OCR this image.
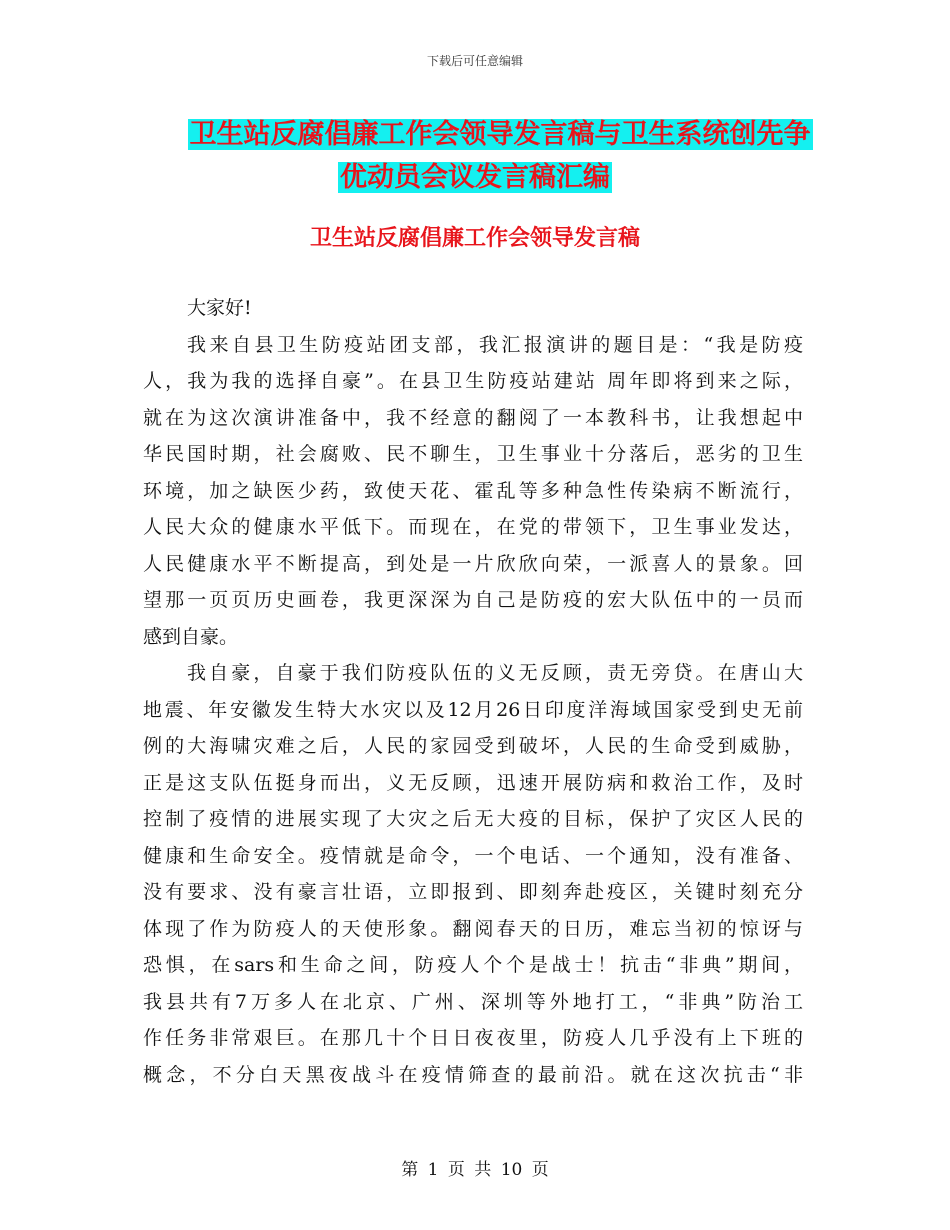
下载后可任意编辑
卫生站反腐倡廉工作会领导发言稿与卫生系统创先争
优动员会议发言稿汇编
卫生站反腐倡廉工作会领导发言稿
大家好!
我来自县卫生防疫站团支部，我汇报演讲的题目是：“我是防疫
人，我为我的选择自豪”。在县卫生防疫站建站 周年即将到来之际，
就在为这次演讲准备中，我不经意的翻阅了一本教科书，让我想起中
华民国时期，社会腐败、民不聊生，卫生事业十分落后，恶劣的卫生
环境，加之缺医少药，致使天花、霍乱等多种急性传染病不断流行，
人民大众的健康水平低下。而现在，在党的带领下，卫生事业发达，
人民健康水平不断提高，到处是一片欣欣向荣，一派喜人的景象。回
望那一页页历史画卷，我更深深为自己是防疫的宏大队伍中的一员而
感到自豪。
我自豪，自豪于我们防疫队伍的义无反顾，责无旁贷。在唐山大
地震、年安徽发生特大水灾以及12月26日印度洋海域国家受到史无前
例的大海啸灾难之后，人民的家园受到破坏，人民的生命受到威胁，
正是这支队伍挺身而出，义无反顾，迅速开展防病和救治工作，及时
控制了疫情的进展实现了大灾之后无大疫的目标，保护了灾区人民的
健康和生命安全。疫情就是命令，一个电话、一个通知，没有准备、
没有要求、没有豪言壮语，立即报到、即刻奔赴疫区，关键时刻充分
体现了作为防疫人的天使形象。翻阅春天的日历，难忘当初的惊讶与
恐惧，在sars和生命之间，防疫人个个是战士！抗击“非典”期间，
我县共有7万多人在北京、广州、深圳等外地打工，“非典”防治工
作任务非常艰巨。在那几十个日日夜夜里，防疫人几乎没有上下班的
概念，不分白天黑夜战斗在疫情筛查的最前沿。就在这次抗击“非
第 1 页 共 10 页
